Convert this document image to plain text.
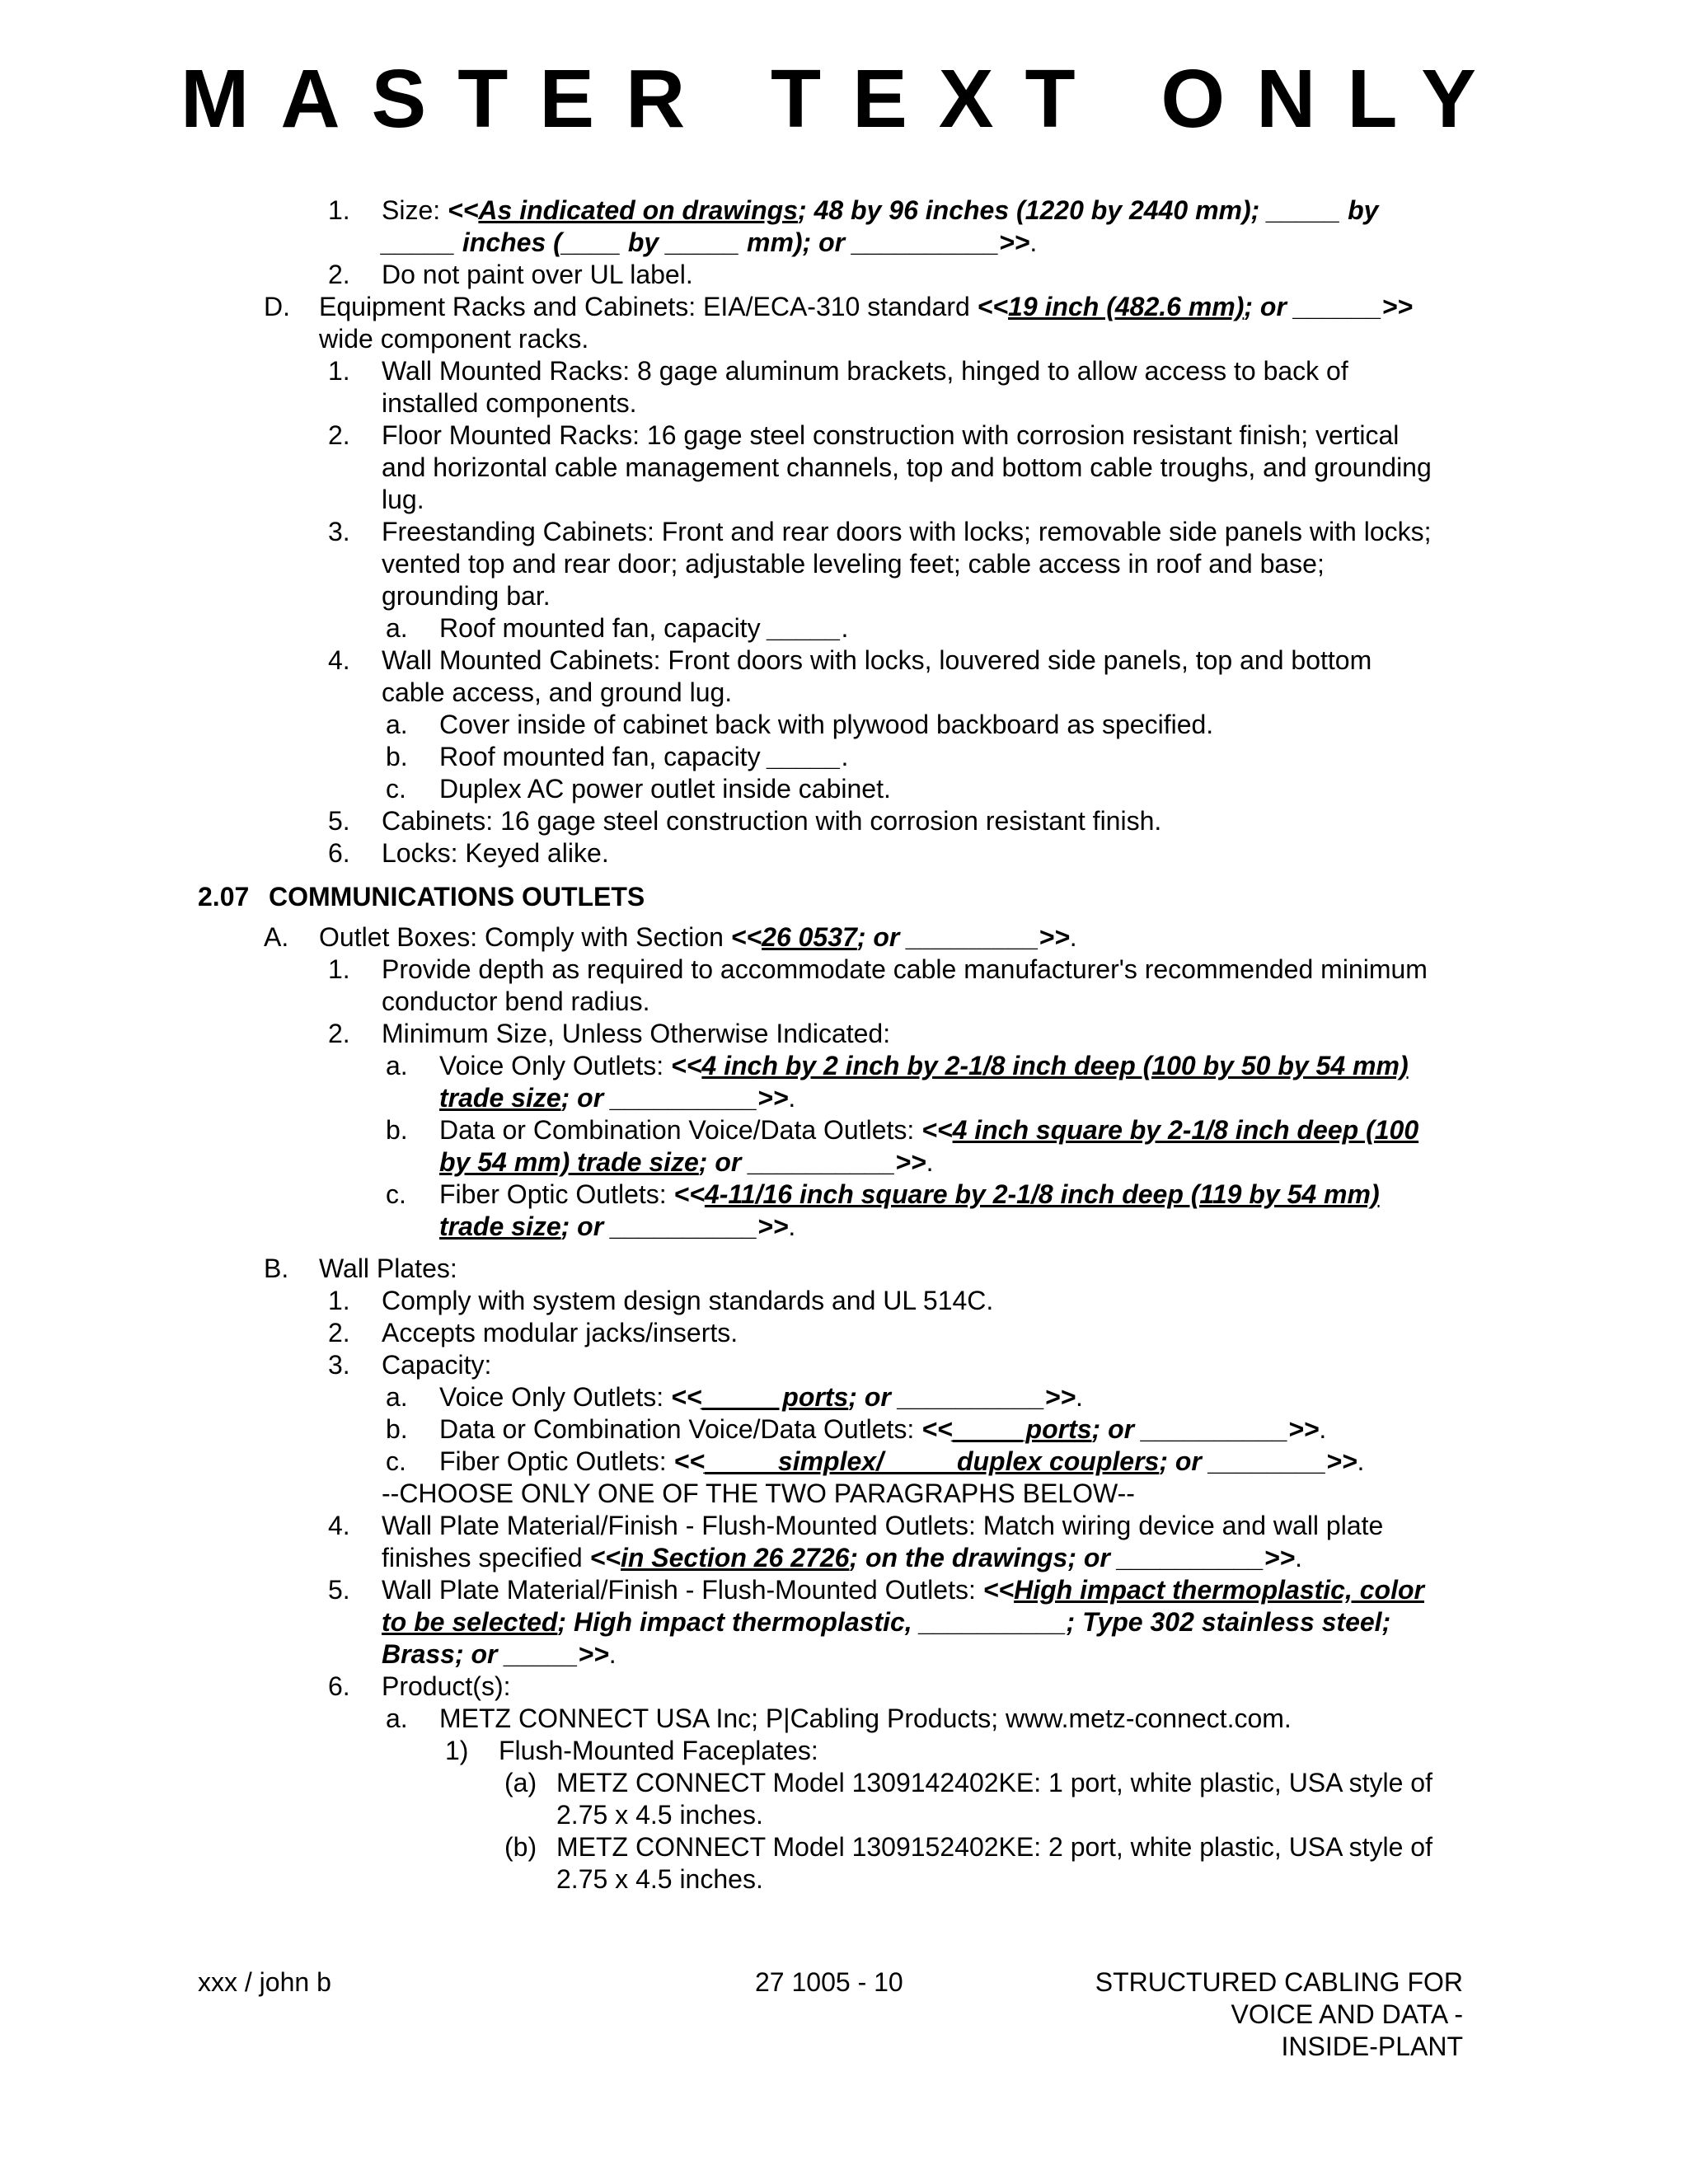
MASTER TEXT ONLY
1. Size: <<As indicated on drawings; 48 by 96 inches (1220 by 2440 mm); _____ by
_____ inches (____ by _____ mm); or __________>>.
2. Do not paint over UL label.
D. Equipment Racks and Cabinets: EIA/ECA-310 standard <<19 inch (482.6 mm); or ______>>
wide component racks.
1. Wall Mounted Racks: 8 gage aluminum brackets, hinged to allow access to back of
installed components.
2. Floor Mounted Racks: 16 gage steel construction with corrosion resistant finish; vertical
and horizontal cable management channels, top and bottom cable troughs, and grounding
lug.
3. Freestanding Cabinets: Front and rear doors with locks; removable side panels with locks;
vented top and rear door; adjustable leveling feet; cable access in roof and base;
grounding bar.
a. Roof mounted fan, capacity _____.
4. Wall Mounted Cabinets: Front doors with locks, louvered side panels, top and bottom
cable access, and ground lug.
a. Cover inside of cabinet back with plywood backboard as specified.
b. Roof mounted fan, capacity _____.
c. Duplex AC power outlet inside cabinet.
5. Cabinets: 16 gage steel construction with corrosion resistant finish.
6. Locks: Keyed alike.
2.07 COMMUNICATIONS OUTLETS
A. Outlet Boxes: Comply with Section <<26 0537; or _________>>.
1. Provide depth as required to accommodate cable manufacturer's recommended minimum
conductor bend radius.
2. Minimum Size, Unless Otherwise Indicated:
a. Voice Only Outlets: <<4 inch by 2 inch by 2-1/8 inch deep (100 by 50 by 54 mm)
trade size; or __________>>.
b. Data or Combination Voice/Data Outlets: <<4 inch square by 2-1/8 inch deep (100
by 54 mm) trade size; or __________>>.
c. Fiber Optic Outlets: <<4-11/16 inch square by 2-1/8 inch deep (119 by 54 mm)
trade size; or __________>>.
B. Wall Plates:
1. Comply with system design standards and UL 514C.
2. Accepts modular jacks/inserts.
3. Capacity:
a. Voice Only Outlets: <<_____ ports; or __________>>.
b. Data or Combination Voice/Data Outlets: <<_____ports; or __________>>.
c. Fiber Optic Outlets: <<_____simplex/_____duplex couplers; or ________>>.
--CHOOSE ONLY ONE OF THE TWO PARAGRAPHS BELOW--
4. Wall Plate Material/Finish - Flush-Mounted Outlets: Match wiring device and wall plate
finishes specified <<in Section 26 2726; on the drawings; or __________>>.
5. Wall Plate Material/Finish - Flush-Mounted Outlets: <<High impact thermoplastic, color
to be selected; High impact thermoplastic, __________; Type 302 stainless steel;
Brass; or _____>>.
6. Product(s):
a. METZ CONNECT USA Inc; P|Cabling Products; www.metz-connect.com.
1) Flush-Mounted Faceplates:
(a) METZ CONNECT Model 1309142402KE: 1 port, white plastic, USA style of
2.75 x 4.5 inches.
(b) METZ CONNECT Model 1309152402KE: 2 port, white plastic, USA style of
2.75 x 4.5 inches.
xxx / john b	27 1005 - 10	STRUCTURED CABLING FOR
VOICE AND DATA -
INSIDE-PLANT
